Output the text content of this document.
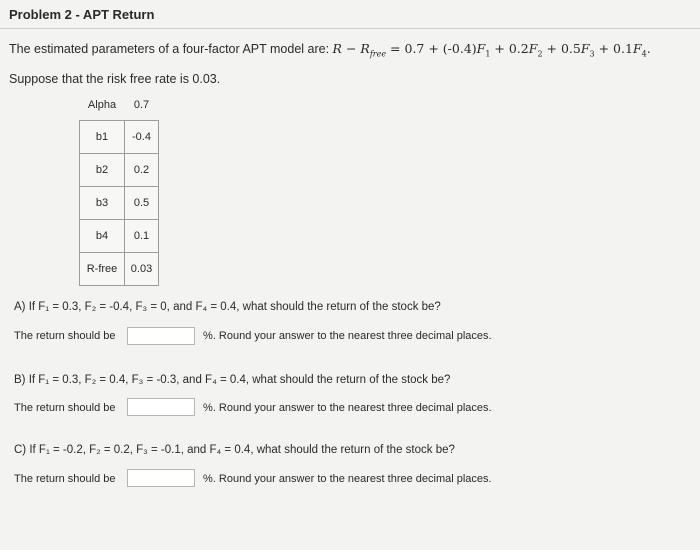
Problem 2 - APT Return
The estimated parameters of a four-factor APT model are: $R - R_{free} = 0.7 + (-0.4)F_1 + 0.2F_2 + 0.5F_3 + 0.1F_4$.
Suppose that the risk free rate is 0.03.
Alpha	0.7
b1	-0.4
b2	0.2
b3	0.5
b4	0.1
R-free	0.03
A) If F₁ = 0.3, F₂ = -0.4, F₃ = 0, and F₄ = 0.4, what should the return of the stock be?
The return should be	%. Round your answer to the nearest three decimal places.
B) If F₁ = 0.3, F₂ = 0.4, F₃ = -0.3, and F₄ = 0.4, what should the return of the stock be?
The return should be	%. Round your answer to the nearest three decimal places.
C) If F₁ = -0.2, F₂ = 0.2, F₃ = -0.1, and F₄ = 0.4, what should the return of the stock be?
The return should be	%. Round your answer to the nearest three decimal places.
